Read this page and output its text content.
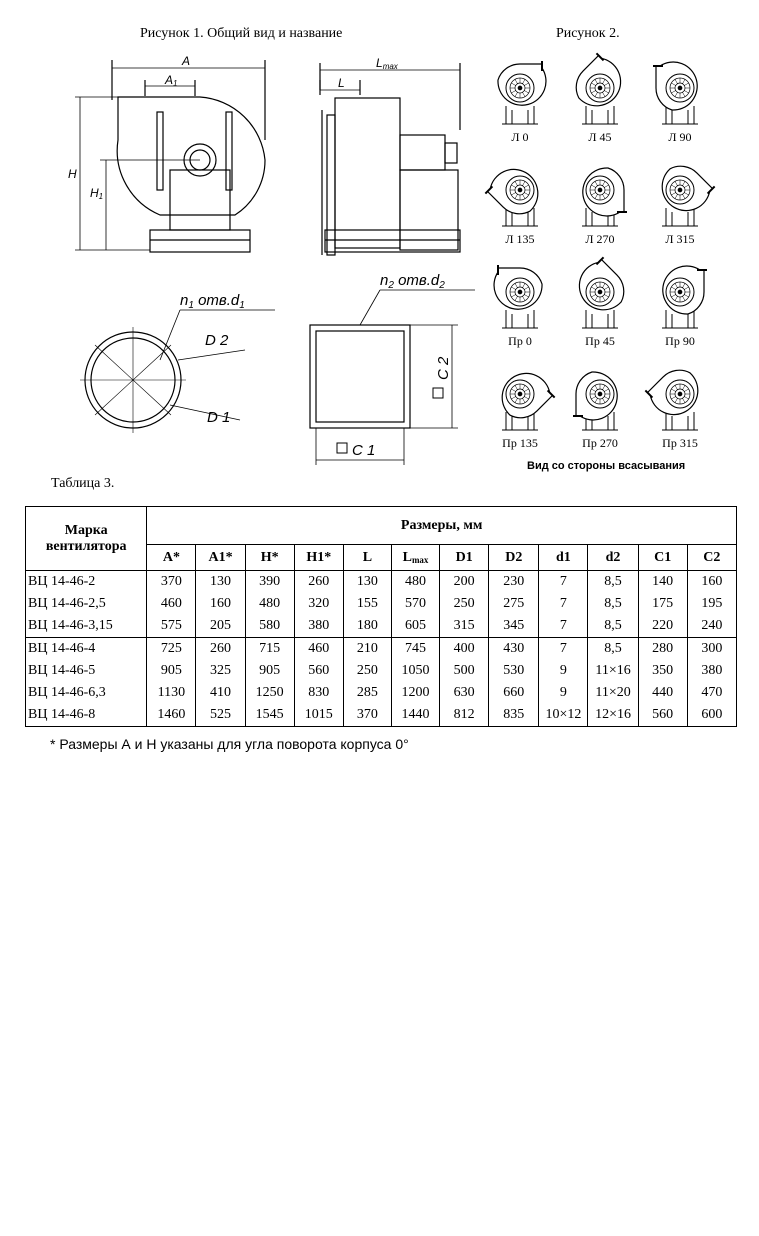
Рисунок 1. Общий вид и название	Рисунок 2.
A
A1
H
H1
L
Lmax
$n_1$ $отв.d_1$
$n_2$ $отв.d_2$
D 2
D 1
C 1
C 2
Л 0	Л 45	Л 90
Л 135	Л 270	Л 315
Пр 0	Пр 45	Пр 90
Пр 135	Пр 270	Пр 315
Вид со стороны всасывания
Таблица 3.
Марка вентилятора	Размеры, мм											
	A*	A1*	H*	H1*	L	$L_{max}$	D1	D2	d1	d2	C1	C2
ВЦ 14-46-2	370	130	390	260	130	480	200	230	7	8,5	140	160
ВЦ 14-46-2,5	460	160	480	320	155	570	250	275	7	8,5	175	195
ВЦ 14-46-3,15	575	205	580	380	180	605	315	345	7	8,5	220	240
ВЦ 14-46-4	725	260	715	460	210	745	400	430	7	8,5	280	300
ВЦ 14-46-5	905	325	905	560	250	1050	500	530	9	11×16	350	380
ВЦ 14-46-6,3	1130	410	1250	830	285	1200	630	660	9	11×20	440	470
ВЦ 14-46-8	1460	525	1545	1015	370	1440	812	835	10×12	12×16	560	600
* Размеры А и Н указаны для угла поворота корпуса 0°
